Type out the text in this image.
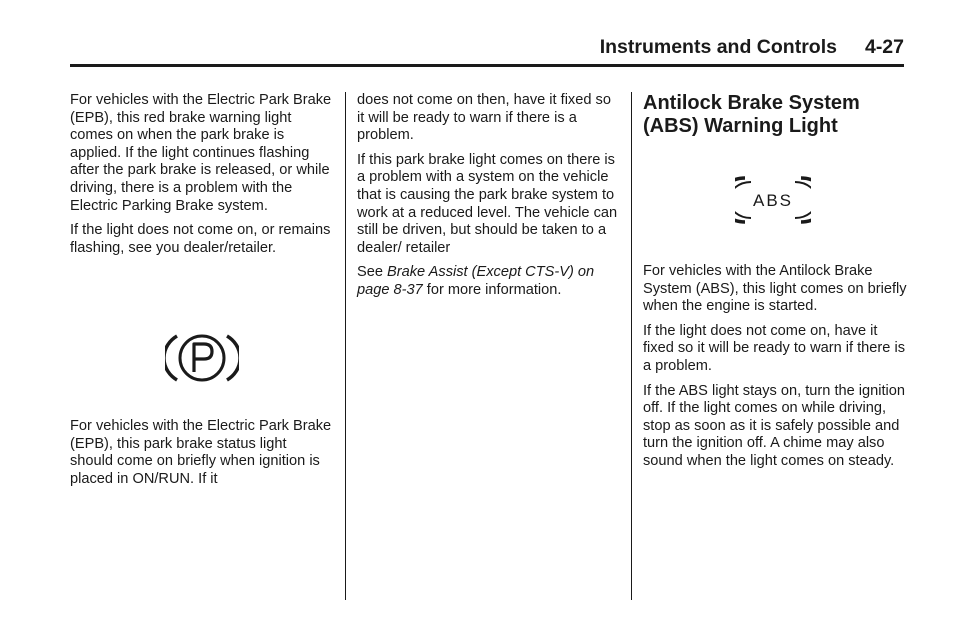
Instruments and Controls 4-27

For vehicles with the Electric Park Brake (EPB), this red brake warning light comes on when the park brake is applied. If the light continues flashing after the park brake is released, or while driving, there is a problem with the Electric Parking Brake system.

If the light does not come on, or remains flashing, see you dealer/retailer.

For vehicles with the Electric Park Brake (EPB), this park brake status light should come on briefly when ignition is placed in ON/RUN. If it

does not come on then, have it fixed so it will be ready to warn if there is a problem.

If this park brake light comes on there is a problem with a system on the vehicle that is causing the park brake system to work at a reduced level. The vehicle can still be driven, but should be taken to a dealer/ retailer

See Brake Assist (Except CTS-V) on page 8-37 for more information.

Antilock Brake System (ABS) Warning Light
ABS

For vehicles with the Antilock Brake System (ABS), this light comes on briefly when the engine is started.

If the light does not come on, have it fixed so it will be ready to warn if there is a problem.

If the ABS light stays on, turn the ignition off. If the light comes on while driving, stop as soon as it is safely possible and turn the ignition off. A chime may also sound when the light comes on steady.
